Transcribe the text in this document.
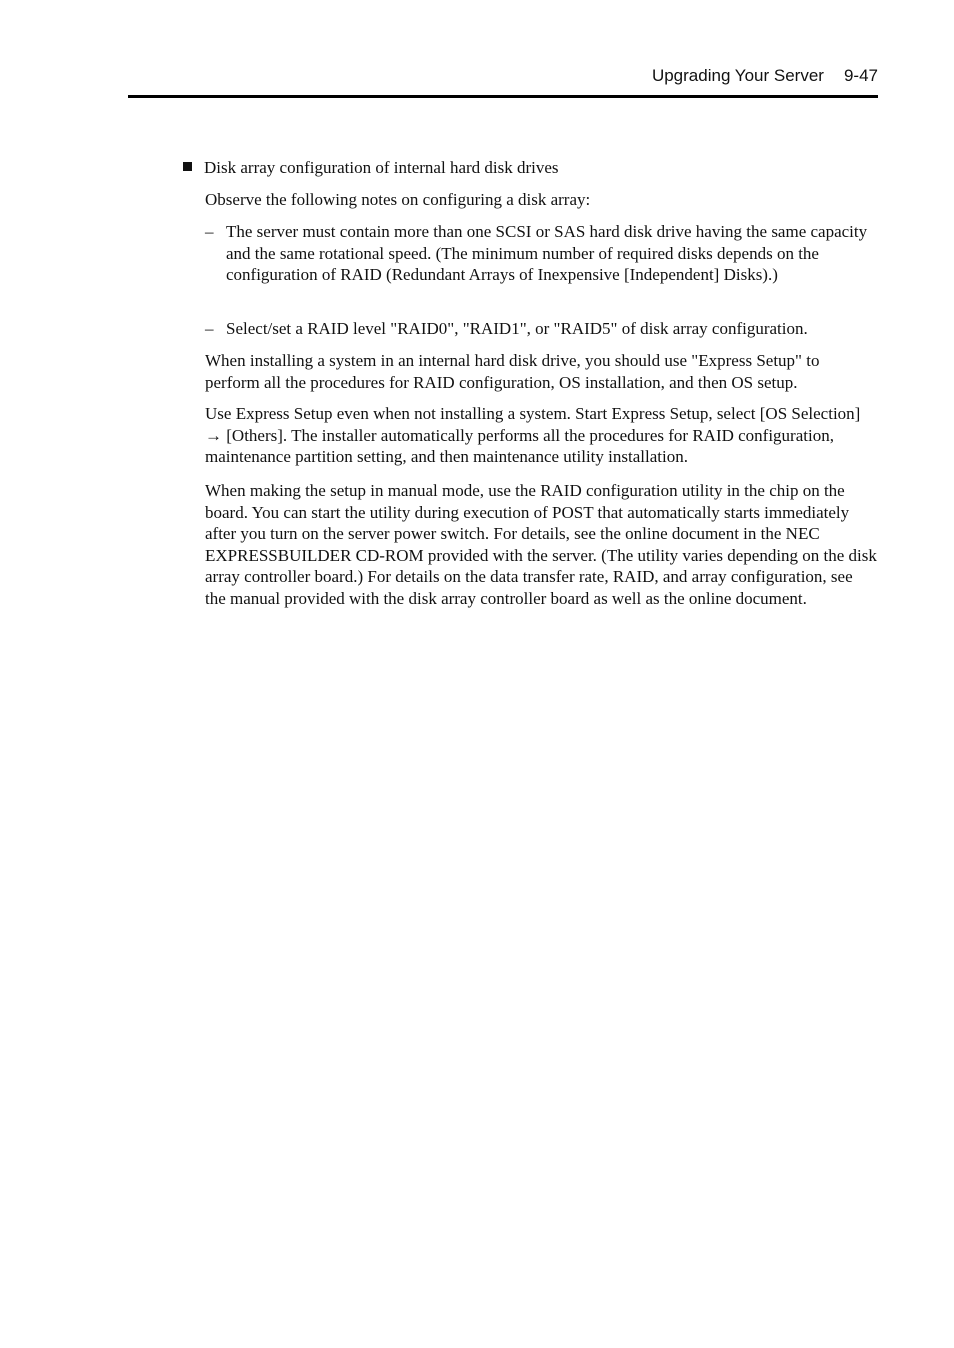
Upgrading Your Server 9-47
Disk array configuration of internal hard disk drives

Observe the following notes on configuring a disk array:

– The server must contain more than one SCSI or SAS hard disk drive having the same capacity and the same rotational speed. (The minimum number of required disks depends on the configuration of RAID (Redundant Arrays of Inexpensive [Independent] Disks).)
– Select/set a RAID level "RAID0", "RAID1", or "RAID5" of disk array configuration.

When installing a system in an internal hard disk drive, you should use "Express Setup" to perform all the procedures for RAID configuration, OS installation, and then OS setup.

Use Express Setup even when not installing a system. Start Express Setup, select [OS Selection] → [Others]. The installer automatically performs all the procedures for RAID configuration, maintenance partition setting, and then maintenance utility installation.

When making the setup in manual mode, use the RAID configuration utility in the chip on the board. You can start the utility during execution of POST that automatically starts immediately after you turn on the server power switch. For details, see the online document in the NEC EXPRESSBUILDER CD-ROM provided with the server. (The utility varies depending on the disk array controller board.) For details on the data transfer rate, RAID, and array configuration, see the manual provided with the disk array controller board as well as the online document.
